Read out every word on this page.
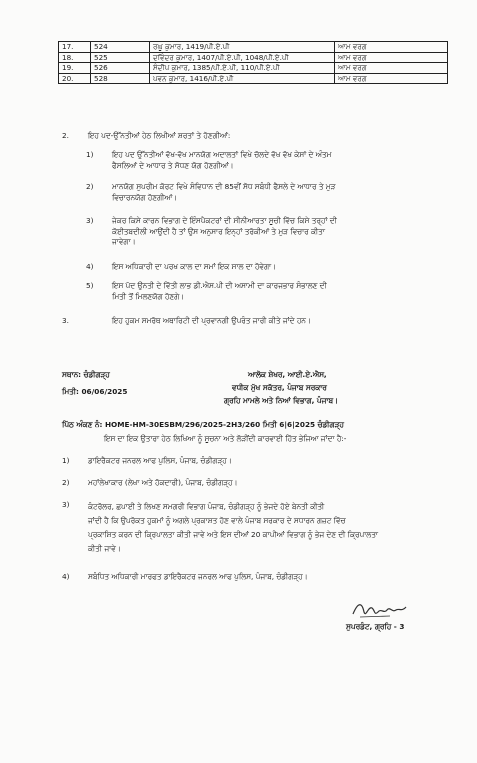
17.	524	ਰਘੂ ਕੁਮਾਰ, 1419/ਪੀ.ਏ.ਪੀ	ਆਮ ਵਰਗ
18.	525	ਦਵਿੰਦਰ ਕੁਮਾਰ, 1407/ਪੀ.ਏ.ਪੀ, 1048/ਪੀ.ਏ.ਪੀ	ਆਮ ਵਰਗ
19.	526	ਸੰਦੀਪ ਕੁਮਾਰ, 1385/ਪੀ.ਏ.ਪੀ, 110/ਪੀ.ਏ.ਪੀ	ਆਮ ਵਰਗ
20.	528	ਪਵਨ ਕੁਮਾਰ, 1416/ਪੀ.ਏ.ਪੀ	ਆਮ ਵਰਗ
2.	ਇਹ ਪਦ-ਉੱਨਤੀਆਂ ਹੇਠ ਲਿਖੀਆਂ ਸ਼ਰਤਾਂ ਤੇ ਹੋਣਗੀਆਂ:
1)	ਇਹ ਪਦ ਉੱਨਤੀਆਂ ਵੱਖ-ਵੱਖ ਮਾਨਯੋਗ ਅਦਾਲਤਾਂ ਵਿਖੇ ਚੱਲਦੇ ਵੱਖ ਵੱਖ ਕੇਸਾਂ ਦੇ ਅੰਤਮ
ਫੈਸਲਿਆਂ ਦੇ ਆਧਾਰ ਤੇ ਸੋਧਣ ਯੋਗ ਹੋਣਗੀਆਂ।
2)	ਮਾਨਯੋਗ ਸੁਪਰੀਮ ਕੋਰਟ ਵਿਖੇ ਸੰਵਿਧਾਨ ਦੀ 85ਵੀਂ ਸੋਧ ਸਬੰਧੀ ਫੈਸਲੇ ਦੇ ਆਧਾਰ ਤੇ ਮੁੜ
ਵਿਚਾਰਨਯੋਗ ਹੋਣਗੀਆਂ।
3)	ਜੇਕਰ ਕਿਸੇ ਕਾਰਨ ਵਿਭਾਗ ਦੇ ਇੰਸਪੈਕਟਰਾਂ ਦੀ ਸੀਨੀਆਰਤਾ ਸੂਚੀ ਵਿੱਚ ਕਿਸੇ ਤਰ੍ਹਾਂ ਦੀ
ਕੋਈਤਬਦੀਲੀ ਆਉਂਦੀ ਹੈ ਤਾਂ ਉਸ ਅਨੁਸਾਰ ਇਨ੍ਹਾਂ ਤਰੱਕੀਆਂ ਤੇ ਮੁੜ ਵਿਚਾਰ ਕੀਤਾ
ਜਾਵੇਗਾ।
4)	ਇਸ ਅਧਿਕਾਰੀ ਦਾ ਪਰਖ ਕਾਲ ਦਾ ਸਮਾਂ ਇਕ ਸਾਲ ਦਾ ਹੋਵੇਗਾ।
5)	ਇਸ ਪੱਦ ਉਨਤੀ ਦੇ ਵਿੱਤੀ ਲਾਭ ਡੀ.ਐਸ.ਪੀ ਦੀ ਅਸਾਮੀ ਦਾ ਕਾਰਜਭਾਰ ਸੰਭਾਲਣ ਦੀ
ਮਿਤੀ ਤੋਂ ਮਿਲਣਯੋਗ ਹੋਣਗੇ।
3.	ਇਹ ਹੁਕਮ ਸਮਰੱਥ ਅਥਾਰਿਟੀ ਦੀ ਪ੍ਰਵਾਨਗੀ ਉਪਰੰਤ ਜਾਰੀ ਕੀਤੇ ਜਾਂਦੇ ਹਨ।
ਸਥਾਨ: ਚੰਡੀਗੜ੍ਹ
ਮਿਤੀ: 06/06/2025
ਆਲੋਕ ਸ਼ੇਖਰ, ਆਈ.ਏ.ਐਸ,
ਵਧੀਕ ਮੁੱਖ ਸਕੱਤਰ, ਪੰਜਾਬ ਸਰਕਾਰ
ਗ੍ਰਹਿ ਮਾਮਲੇ ਅਤੇ ਨਿਆਂ ਵਿਭਾਗ, ਪੰਜਾਬ।
ਪਿੱਠ ਅੰਕਣ ਨੰ: HOME-HM-30ESBM/296/2025-2H3/260 ਮਿਤੀ 6|6|2025 ਚੰਡੀਗੜ੍ਹ
ਇਸ ਦਾ ਇਕ ਉਤਾਰਾ ਹੇਠ ਲਿਖਿਆ ਨੂੰ ਸੂਚਨਾ ਅਤੇ ਲੋੜੀਂਦੀ ਕਾਰਵਾਈ ਹਿੱਤ ਭੇਜਿਆ ਜਾਂਦਾ ਹੈ:-
1)	ਡਾਇਰੈਕਟਰ ਜਨਰਲ ਆਫ ਪੁਲਿਸ, ਪੰਜਾਬ, ਚੰਡੀਗੜ੍ਹ।
2)	ਮਹਾਂਲੇਖਾਕਾਰ (ਲੇਖਾ ਅਤੇ ਹੱਕਦਾਰੀ), ਪੰਜਾਬ, ਚੰਡੀਗੜ੍ਹ।
3)	ਕੰਟਰੋਲਰ, ਛਪਾਈ ਤੇ ਲਿਖਣ ਸਮਗਰੀ ਵਿਭਾਗ ਪੰਜਾਬ, ਚੰਡੀਗੜ੍ਹ ਨੂੰ ਭੇਜਦੇ ਹੋਏ ਬੇਨਤੀ ਕੀਤੀ
ਜਾਂਦੀ ਹੈ ਕਿ ਉਪਰੋਕਤ ਹੁਕਮਾਂ ਨੂੰ ਅਗਲੇ ਪ੍ਰਕਾਸ਼ਤ ਹੋਣ ਵਾਲੇ ਪੰਜਾਬ ਸਰਕਾਰ ਦੇ ਸਧਾਰਨ ਗਜ਼ਟ ਵਿੱਚ
ਪ੍ਰਕਾਸ਼ਿਤ ਕਰਨ ਦੀ ਕ੍ਰਿਪਾਲਤਾ ਕੀਤੀ ਜਾਵੇ ਅਤੇ ਇਸ ਦੀਆਂ 20 ਕਾਪੀਆਂ ਵਿਭਾਗ ਨੂੰ ਭੇਜ ਦੇਣ ਦੀ ਕ੍ਰਿਪਾਲਤਾ
ਕੀਤੀ ਜਾਵੇ।
4)	ਸਬੰਧਿਤ ਅਧਿਕਾਰੀ ਮਾਰਫਤ ਡਾਇਰੈਕਟਰ ਜਨਰਲ ਆਫ ਪੁਲਿਸ, ਪੰਜਾਬ, ਚੰਡੀਗੜ੍ਹ।
ਸੁਪਰਡੰਟ, ਗ੍ਰਹਿ - 3
